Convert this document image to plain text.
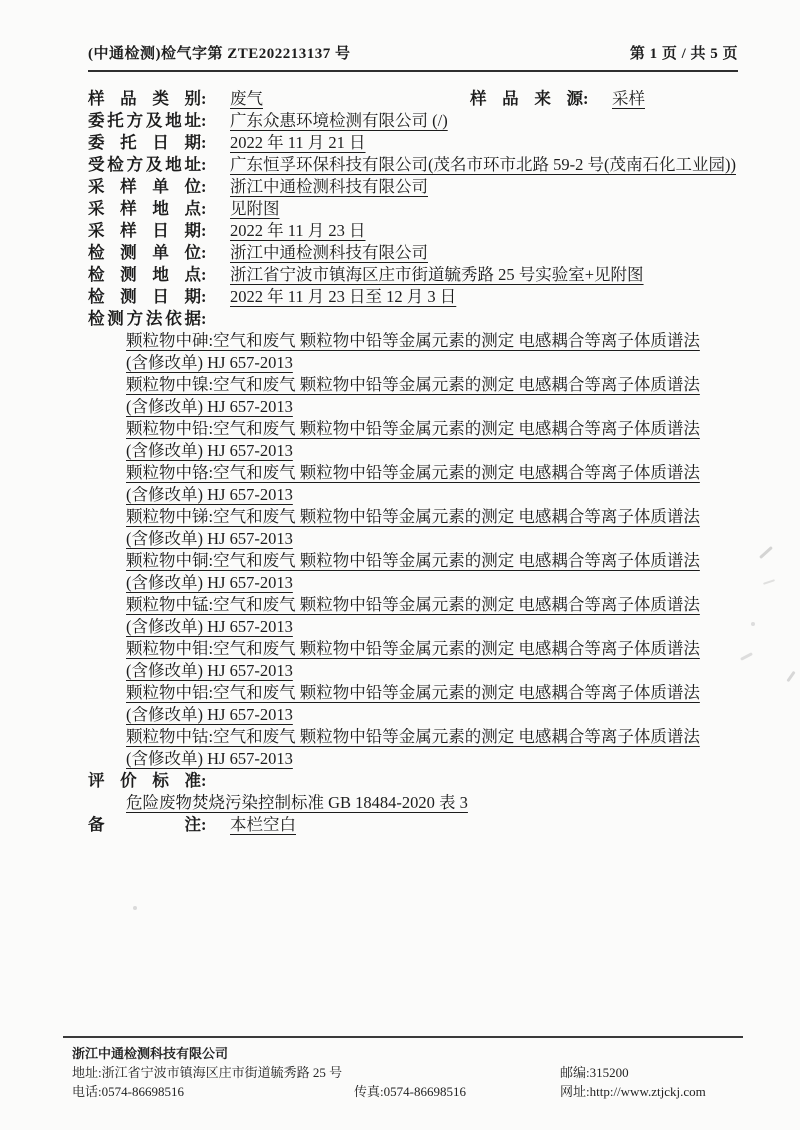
(中通检测)检气字第 ZTE202213137 号	第 1 页 / 共 5 页
样品类别 : 废气	样品来源 : 采样
委托方及地址 : 广东众惠环境检测有限公司 (/)
委托日期 : 2022 年 11 月 21 日
受检方及地址 : 广东恒孚环保科技有限公司(茂名市环市北路 59-2 号(茂南石化工业园))
采样单位 : 浙江中通检测科技有限公司
采样地点 : 见附图
采样日期 : 2022 年 11 月 23 日
检测单位 : 浙江中通检测科技有限公司
检测地点 : 浙江省宁波市镇海区庄市街道毓秀路 25 号实验室+见附图
检测日期 : 2022 年 11 月 23 日至 12 月 3 日
检测方法依据 :
颗粒物中砷:空气和废气 颗粒物中铅等金属元素的测定 电感耦合等离子体质谱法
(含修改单) HJ 657-2013
颗粒物中镍:空气和废气 颗粒物中铅等金属元素的测定 电感耦合等离子体质谱法
(含修改单) HJ 657-2013
颗粒物中铅:空气和废气 颗粒物中铅等金属元素的测定 电感耦合等离子体质谱法
(含修改单) HJ 657-2013
颗粒物中铬:空气和废气 颗粒物中铅等金属元素的测定 电感耦合等离子体质谱法
(含修改单) HJ 657-2013
颗粒物中锑:空气和废气 颗粒物中铅等金属元素的测定 电感耦合等离子体质谱法
(含修改单) HJ 657-2013
颗粒物中铜:空气和废气 颗粒物中铅等金属元素的测定 电感耦合等离子体质谱法
(含修改单) HJ 657-2013
颗粒物中锰:空气和废气 颗粒物中铅等金属元素的测定 电感耦合等离子体质谱法
(含修改单) HJ 657-2013
颗粒物中钼:空气和废气 颗粒物中铅等金属元素的测定 电感耦合等离子体质谱法
(含修改单) HJ 657-2013
颗粒物中铝:空气和废气 颗粒物中铅等金属元素的测定 电感耦合等离子体质谱法
(含修改单) HJ 657-2013
颗粒物中钴:空气和废气 颗粒物中铅等金属元素的测定 电感耦合等离子体质谱法
(含修改单) HJ 657-2013
评价标准 :
危险废物焚烧污染控制标准 GB 18484-2020 表 3
备注 : 本栏空白
浙江中通检测科技有限公司
地址:浙江省宁波市镇海区庄市街道毓秀路 25 号	邮编:315200
电话:0574-86698516	传真:0574-86698516	网址:http://www.ztjckj.com
